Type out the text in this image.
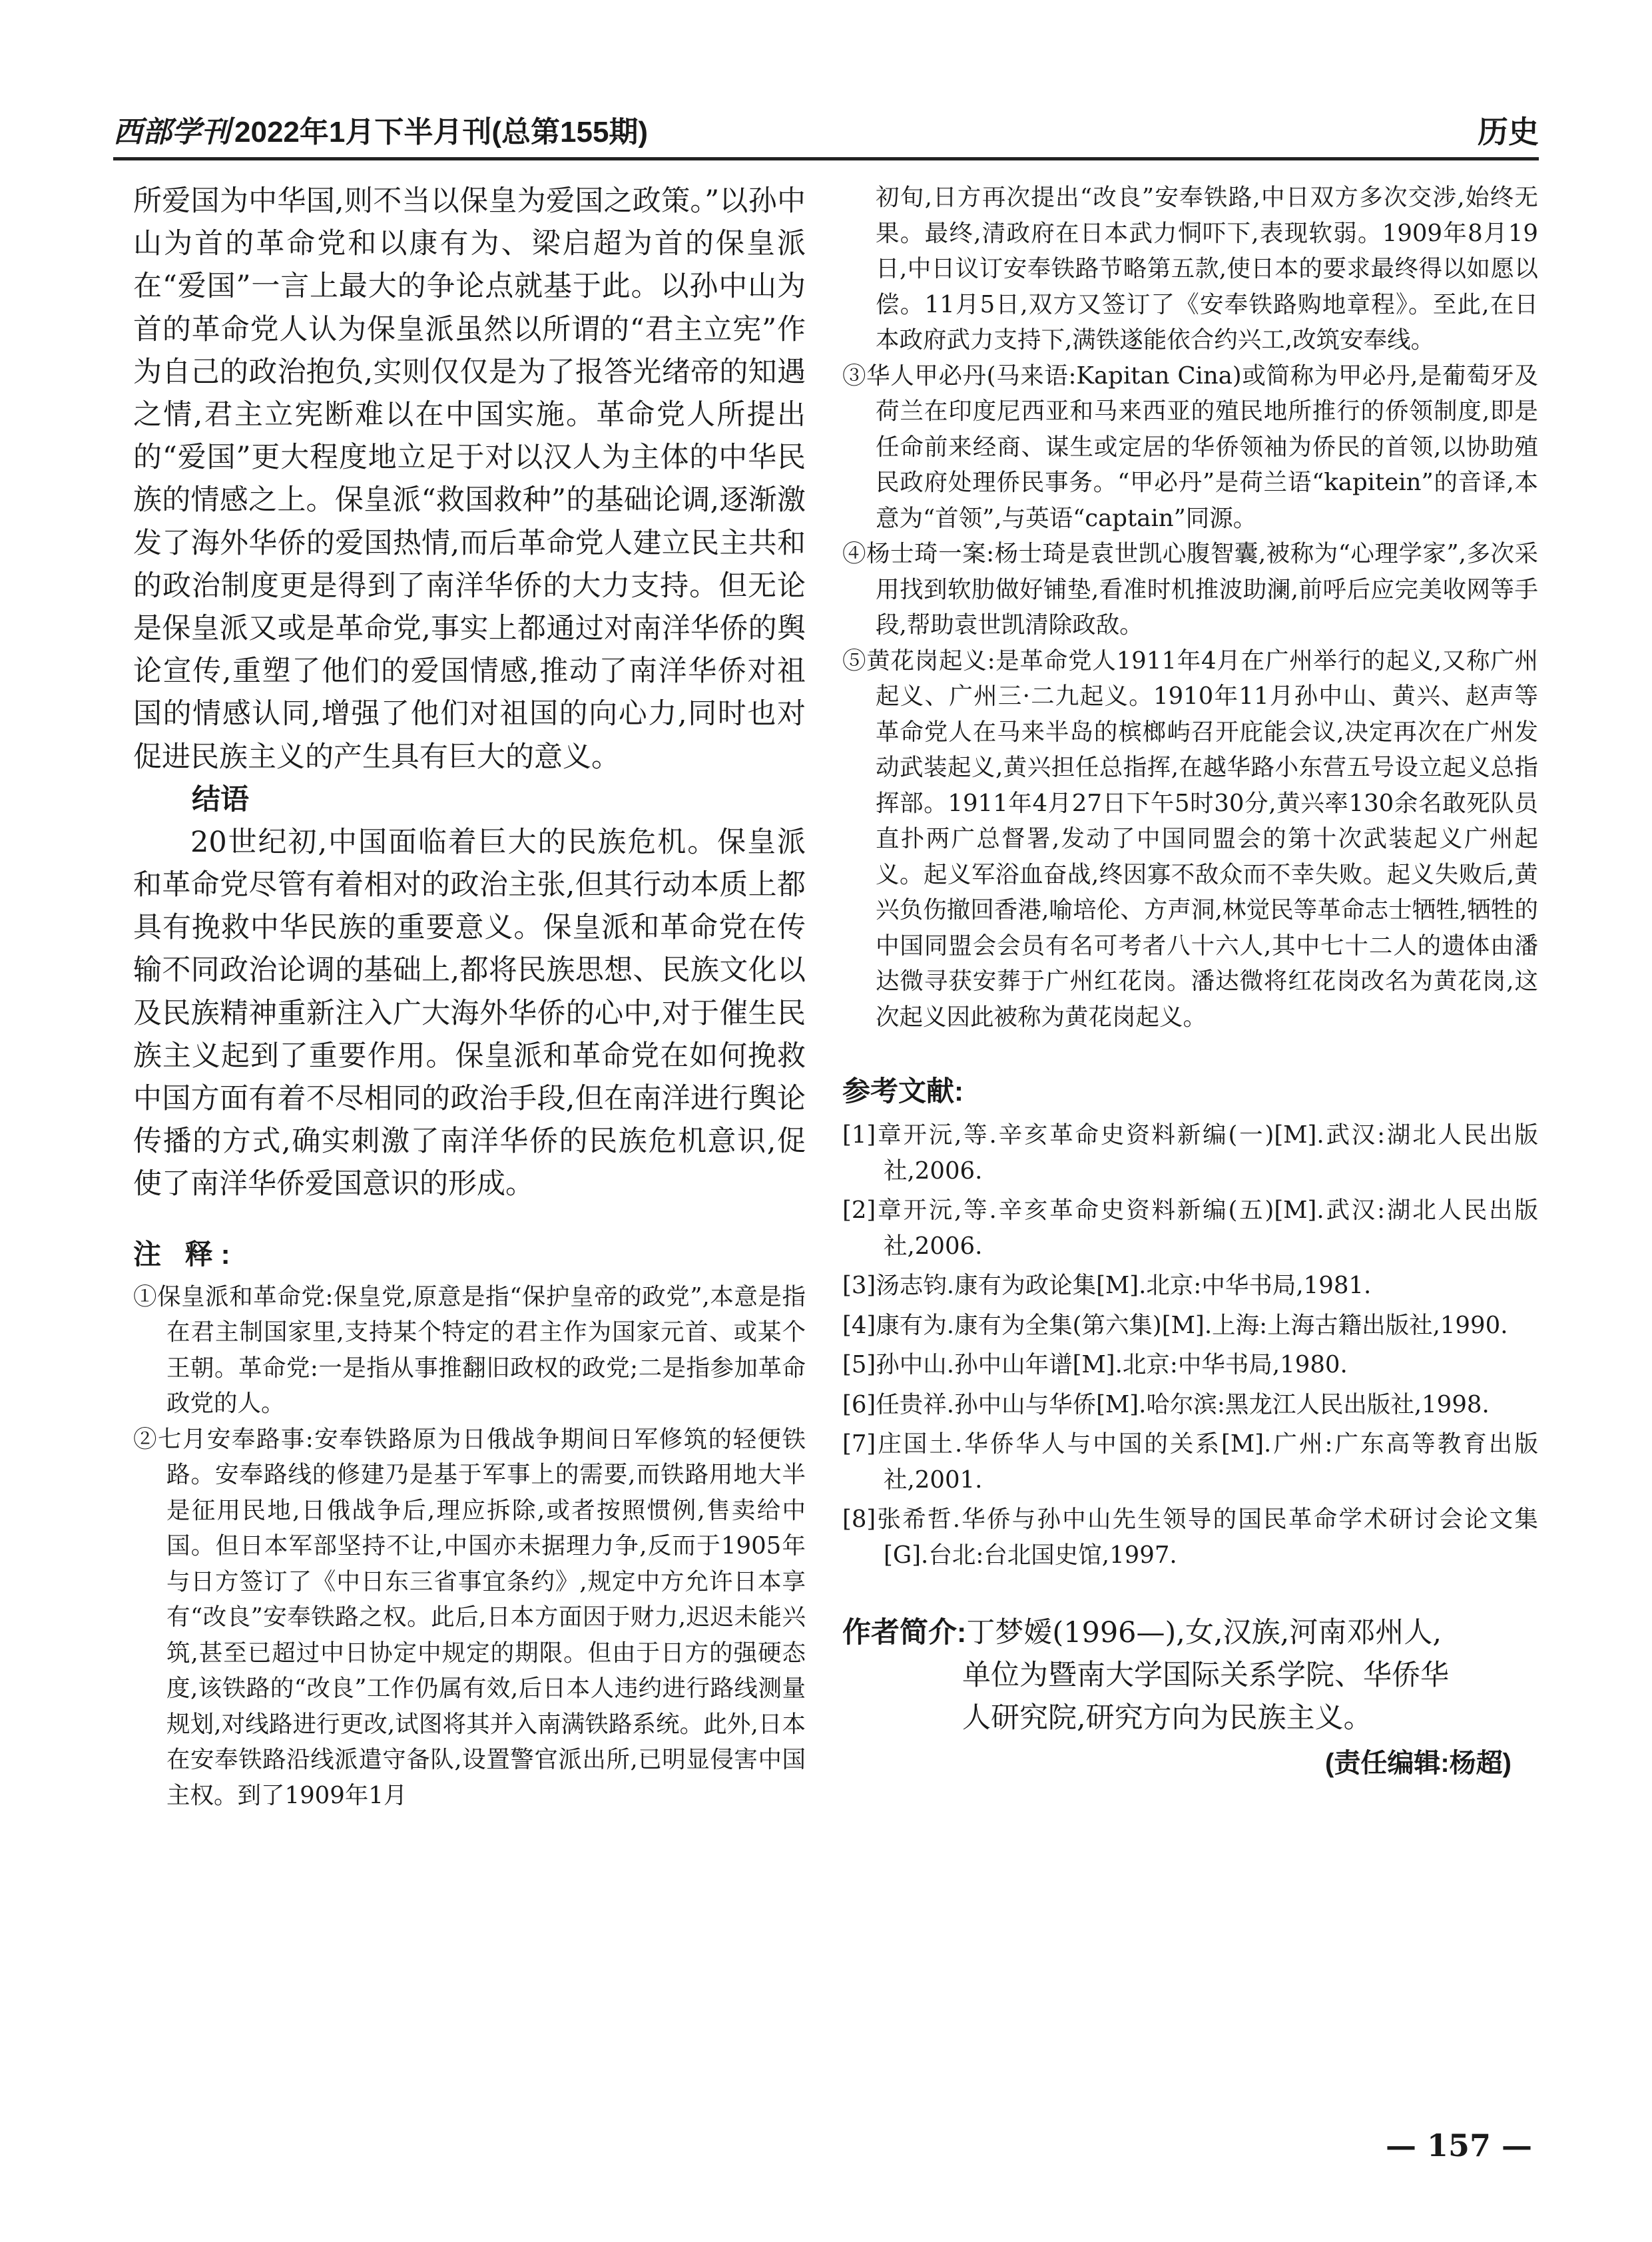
西部学刊 2022年1月下半月刊(总第155期)	历史

所爱国为中华国,则不当以保皇为爱国之政策。”以孙中山为首的革命党和以康有为、梁启超为首的保皇派在“爱国”一言上最大的争论点就基于此。以孙中山为首的革命党人认为保皇派虽然以所谓的“君主立宪”作为自己的政治抱负,实则仅仅是为了报答光绪帝的知遇之情,君主立宪断难以在中国实施。革命党人所提出的“爱国”更大程度地立足于对以汉人为主体的中华民族的情感之上。保皇派“救国救种”的基础论调,逐渐激发了海外华侨的爱国热情,而后革命党人建立民主共和的政治制度更是得到了南洋华侨的大力支持。但无论是保皇派又或是革命党,事实上都通过对南洋华侨的舆论宣传,重塑了他们的爱国情感,推动了南洋华侨对祖国的情感认同,增强了他们对祖国的向心力,同时也对促进民族主义的产生具有巨大的意义。

结语

20世纪初,中国面临着巨大的民族危机。保皇派和革命党尽管有着相对的政治主张,但其行动本质上都具有挽救中华民族的重要意义。保皇派和革命党在传输不同政治论调的基础上,都将民族思想、民族文化以及民族精神重新注入广大海外华侨的心中,对于催生民族主义起到了重要作用。保皇派和革命党在如何挽救中国方面有着不尽相同的政治手段,但在南洋进行舆论传播的方式,确实刺激了南洋华侨的民族危机意识,促使了南洋华侨爱国意识的形成。

注 释:

①保皇派和革命党:保皇党,原意是指“保护皇帝的政党”,本意是指在君主制国家里,支持某个特定的君主作为国家元首、或某个王朝。革命党:一是指从事推翻旧政权的政党;二是指参加革命政党的人。

②七月安奉路事:安奉铁路原为日俄战争期间日军修筑的轻便铁路。安奉路线的修建乃是基于军事上的需要,而铁路用地大半是征用民地,日俄战争后,理应拆除,或者按照惯例,售卖给中国。但日本军部坚持不让,中国亦未据理力争,反而于1905年与日方签订了《中日东三省事宜条约》,规定中方允许日本享有“改良”安奉铁路之权。此后,日本方面因于财力,迟迟未能兴筑,甚至已超过中日协定中规定的期限。但由于日方的强硬态度,该铁路的“改良”工作仍属有效,后日本人违约进行路线测量规划,对线路进行更改,试图将其并入南满铁路系统。此外,日本在安奉铁路沿线派遣守备队,设置警官派出所,已明显侵害中国主权。到了1909年1月

初旬,日方再次提出“改良”安奉铁路,中日双方多次交涉,始终无果。最终,清政府在日本武力恫吓下,表现软弱。1909年8月19日,中日议订安奉铁路节略第五款,使日本的要求最终得以如愿以偿。11月5日,双方又签订了《安奉铁路购地章程》。至此,在日本政府武力支持下,满铁遂能依合约兴工,改筑安奉线。

③华人甲必丹(马来语:Kapitan Cina)或简称为甲必丹,是葡萄牙及荷兰在印度尼西亚和马来西亚的殖民地所推行的侨领制度,即是任命前来经商、谋生或定居的华侨领袖为侨民的首领,以协助殖民政府处理侨民事务。“甲必丹”是荷兰语“kapitein”的音译,本意为“首领”,与英语“captain”同源。

④杨士琦一案:杨士琦是袁世凯心腹智囊,被称为“心理学家”,多次采用找到软肋做好铺垫,看准时机推波助澜,前呼后应完美收网等手段,帮助袁世凯清除政敌。

⑤黄花岗起义:是革命党人1911年4月在广州举行的起义,又称广州起义、广州三·二九起义。1910年11月孙中山、黄兴、赵声等革命党人在马来半岛的槟榔屿召开庇能会议,决定再次在广州发动武装起义,黄兴担任总指挥,在越华路小东营五号设立起义总指挥部。1911年4月27日下午5时30分,黄兴率130余名敢死队员直扑两广总督署,发动了中国同盟会的第十次武装起义广州起义。起义军浴血奋战,终因寡不敌众而不幸失败。起义失败后,黄兴负伤撤回香港,喻培伦、方声洞,林觉民等革命志士牺牲,牺牲的中国同盟会会员有名可考者八十六人,其中七十二人的遗体由潘达微寻获安葬于广州红花岗。潘达微将红花岗改名为黄花岗,这次起义因此被称为黄花岗起义。

参考文献:

[1]章开沅,等.辛亥革命史资料新编(一)[M].武汉:湖北人民出版社,2006.

[2]章开沅,等.辛亥革命史资料新编(五)[M].武汉:湖北人民出版社,2006.

[3]汤志钧.康有为政论集[M].北京:中华书局,1981.

[4]康有为.康有为全集(第六集)[M].上海:上海古籍出版社,1990.

[5]孙中山.孙中山年谱[M].北京:中华书局,1980.

[6]任贵祥.孙中山与华侨[M].哈尔滨:黑龙江人民出版社,1998.

[7]庄国土.华侨华人与中国的关系[M].广州:广东高等教育出版社,2001.

[8]张希哲.华侨与孙中山先生领导的国民革命学术研讨会论文集[G].台北:台北国史馆,1997.

作者简介:丁梦嫒(1996—),女,汉族,河南邓州人,
单位为暨南大学国际关系学院、华侨华
人研究院,研究方向为民族主义。
(责任编辑:杨超)
— 157 —
